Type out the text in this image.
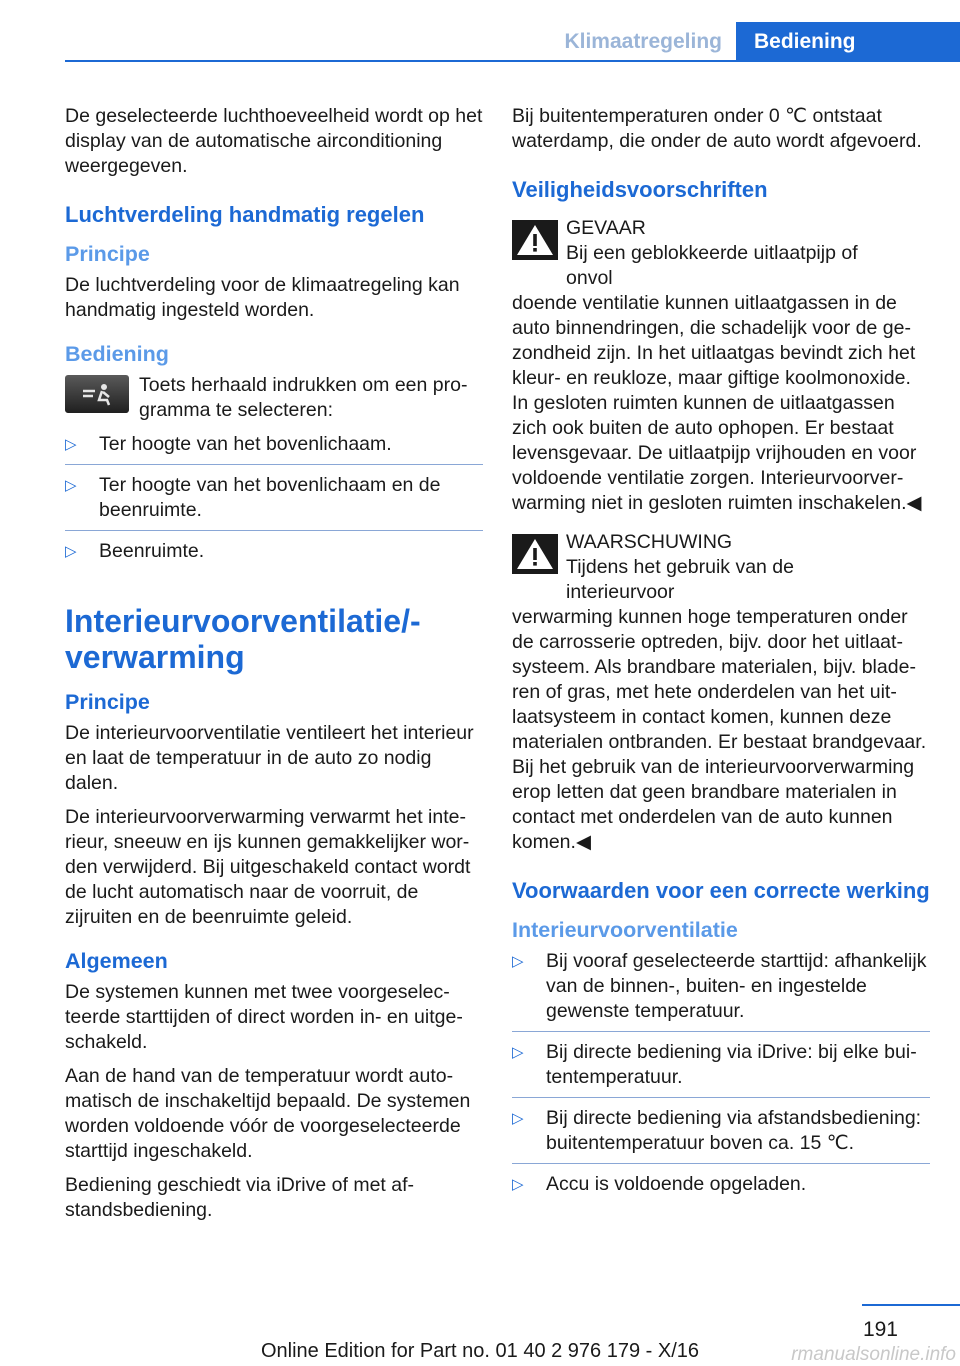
Klimaatregeling	Bediening

De geselecteerde luchthoeveelheid wordt op het display van de automatische airconditioning weergegeven.

Luchtverdeling handmatig regelen
Principe

De luchtverdeling voor de klimaatregeling kan handmatig ingesteld worden.

Bediening

Toets herhaald indrukken om een programma te selecteren:

▷ Ter hoogte van het bovenlichaam.
▷ Ter hoogte van het bovenlichaam en de beenruimte.
▷ Beenruimte.
Interieurvoorventilatie/-verwarming
Principe

De interieurvoorventilatie ventileert het interieur en laat de temperatuur in de auto zo nodig dalen.

De interieurvoorverwarming verwarmt het interieur, sneeuw en ijs kunnen gemakkelijker worden verwijderd. Bij uitgeschakeld contact wordt de lucht automatisch naar de voorruit, de zijruiten en de beenruimte geleid.

Algemeen

De systemen kunnen met twee voorgeselecteerde starttijden of direct worden in- en uitgeschakeld.

Aan de hand van de temperatuur wordt automatisch de inschakeltijd bepaald. De systemen worden voldoende vóór de voorgeselecteerde starttijd ingeschakeld.

Bediening geschiedt via iDrive of met afstandsbediening.

Bij buitentemperaturen onder 0 ℃ ontstaat waterdamp, die onder de auto wordt afgevoerd.

Veiligheidsvoorschriften
GEVAAR
Bij een geblokkeerde uitlaatpijp of onvol

doende ventilatie kunnen uitlaatgassen in de auto binnendringen, die schadelijk voor de gezondheid zijn. In het uitlaatgas bevindt zich het kleur- en reukloze, maar giftige koolmonoxide. In gesloten ruimten kunnen de uitlaatgassen zich ook buiten de auto ophopen. Er bestaat levensgevaar. De uitlaatpijp vrijhouden en voor voldoende ventilatie zorgen. Interieurvoorverwarming niet in gesloten ruimten inschakelen.◀

WAARSCHUWING
Tijdens het gebruik van de interieurvoor

verwarming kunnen hoge temperaturen onder de carrosserie optreden, bijv. door het uitlaatsysteem. Als brandbare materialen, bijv. bladeren of gras, met hete onderdelen van het uitlaatsysteem in contact komen, kunnen deze materialen ontbranden. Er bestaat brandgevaar. Bij het gebruik van de interieurvoorverwarming erop letten dat geen brandbare materialen in contact met onderdelen van de auto kunnen komen.◀

Voorwaarden voor een correcte werking
Interieurvoorventilatie
▷ Bij vooraf geselecteerde starttijd: afhankelijk van de binnen-, buiten- en ingestelde gewenste temperatuur.
▷ Bij directe bediening via iDrive: bij elke buitentemperatuur.
▷ Bij directe bediening via afstandsbediening: buitentemperatuur boven ca. 15 ℃.
▷ Accu is voldoende opgeladen.
191
Online Edition for Part no. 01 40 2 976 179 - X/16	rmanualsonline.info
